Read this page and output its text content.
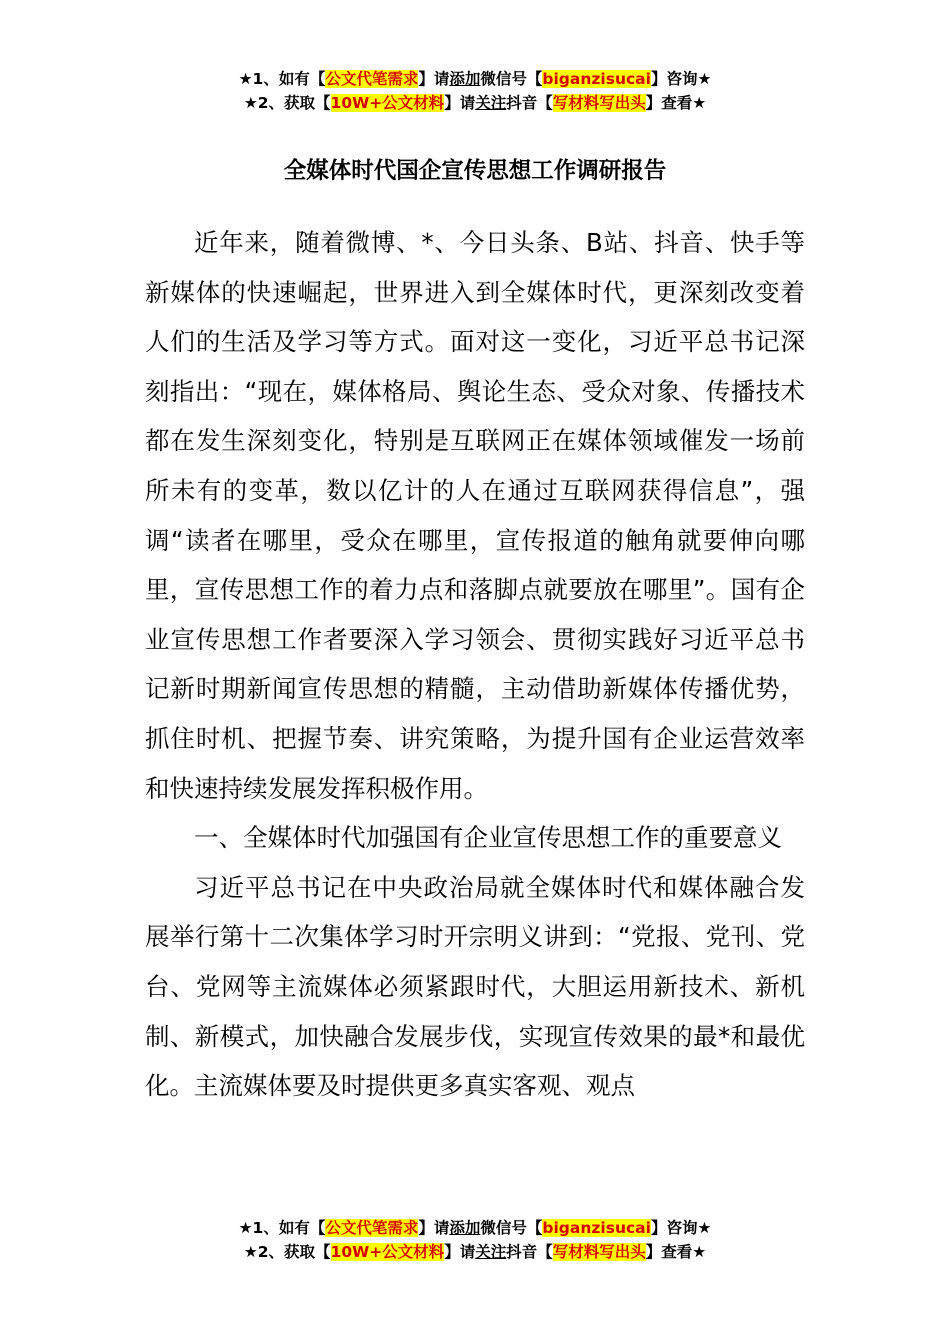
★1、如有【公文代笔需求】请添加微信号【biganzisucai】咨询★
★2、获取【10W+公文材料】请关注抖音【写材料写出头】查看★
全媒体时代国企宣传思想工作调研报告

近年来，随着微博、*、今日头条、B站、抖音、快手等新媒体的快速崛起，世界进入到全媒体时代，更深刻改变着人们的生活及学习等方式。面对这一变化，习近平总书记深刻指出：“现在，媒体格局、舆论生态、受众对象、传播技术都在发生深刻变化，特别是互联网正在媒体领域催发一场前所未有的变革，数以亿计的人在通过互联网获得信息”，强调“读者在哪里，受众在哪里，宣传报道的触角就要伸向哪里，宣传思想工作的着力点和落脚点就要放在哪里”。国有企业宣传思想工作者要深入学习领会、贯彻实践好习近平总书记新时期新闻宣传思想的精髓，主动借助新媒体传播优势，抓住时机、把握节奏、讲究策略，为提升国有企业运营效率和快速持续发展发挥积极作用。

一、全媒体时代加强国有企业宣传思想工作的重要意义

习近平总书记在中央政治局就全媒体时代和媒体融合发展举行第十二次集体学习时开宗明义讲到：“党报、党刊、党台、党网等主流媒体必须紧跟时代，大胆运用新技术、新机制、新模式，加快融合发展步伐，实现宣传效果的最*和最优化。主流媒体要及时提供更多真实客观、观点

★1、如有【公文代笔需求】请添加微信号【biganzisucai】咨询★
★2、获取【10W+公文材料】请关注抖音【写材料写出头】查看★
